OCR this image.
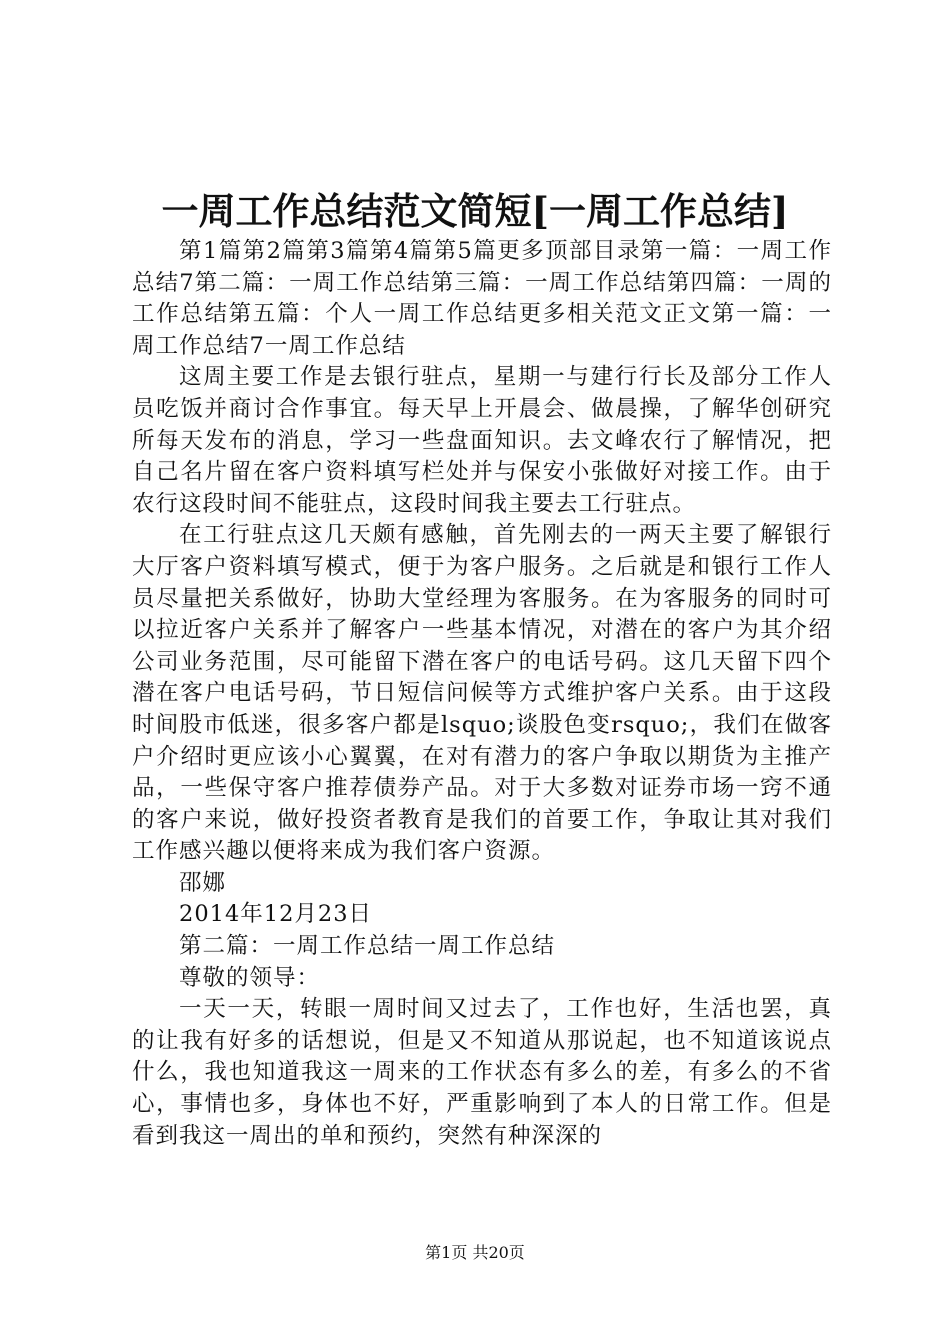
一周工作总结范文简短[一周工作总结]

第1篇第2篇第3篇第4篇第5篇更多顶部目录第一篇：一周工作总结7第二篇：一周工作总结第三篇：一周工作总结第四篇：一周的工作总结第五篇：个人一周工作总结更多相关范文正文第一篇：一周工作总结7一周工作总结

这周主要工作是去银行驻点，星期一与建行行长及部分工作人员吃饭并商讨合作事宜。每天早上开晨会、做晨操，了解华创研究所每天发布的消息，学习一些盘面知识。去文峰农行了解情况，把自己名片留在客户资料填写栏处并与保安小张做好对接工作。由于农行这段时间不能驻点，这段时间我主要去工行驻点。

在工行驻点这几天颇有感触，首先刚去的一两天主要了解银行大厅客户资料填写模式，便于为客户服务。之后就是和银行工作人员尽量把关系做好，协助大堂经理为客服务。在为客服务的同时可以拉近客户关系并了解客户一些基本情况，对潜在的客户为其介绍公司业务范围，尽可能留下潜在客户的电话号码。这几天留下四个潜在客户电话号码，节日短信问候等方式维护客户关系。由于这段时间股市低迷，很多客户都是lsquo;谈股色变rsquo;，我们在做客户介绍时更应该小心翼翼，在对有潜力的客户争取以期货为主推产品，一些保守客户推荐债券产品。对于大多数对证券市场一窍不通的客户来说，做好投资者教育是我们的首要工作，争取让其对我们工作感兴趣以便将来成为我们客户资源。

邵娜

2014年12月23日

第二篇：一周工作总结一周工作总结

尊敬的领导：

一天一天，转眼一周时间又过去了，工作也好，生活也罢，真的让我有好多的话想说，但是又不知道从那说起，也不知道该说点什么，我也知道我这一周来的工作状态有多么的差，有多么的不省心，事情也多，身体也不好，严重影响到了本人的日常工作。但是看到我这一周出的单和预约，突然有种深深的

第1页 共20页
